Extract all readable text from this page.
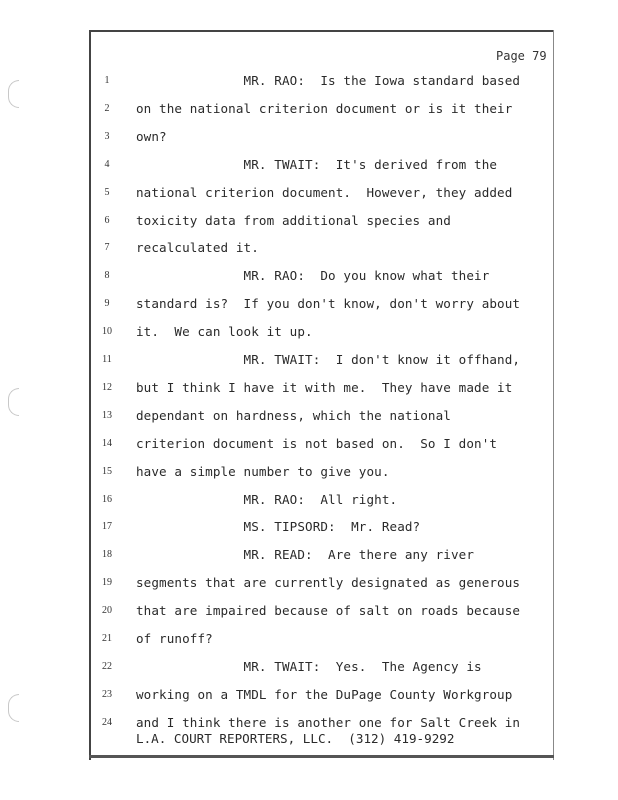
Page 79
1	MR. RAO:  Is the Iowa standard based
2	on the national criterion document or is it their
3	own?
4	MR. TWAIT:  It's derived from the
5	national criterion document.  However, they added
6	toxicity data from additional species and
7	recalculated it.
8	MR. RAO:  Do you know what their
9	standard is?  If you don't know, don't worry about
10	it.  We can look it up.
11	MR. TWAIT:  I don't know it offhand,
12	but I think I have it with me.  They have made it
13	dependant on hardness, which the national
14	criterion document is not based on.  So I don't
15	have a simple number to give you.
16	MR. RAO:  All right.
17	MS. TIPSORD:  Mr. Read?
18	MR. READ:  Are there any river
19	segments that are currently designated as generous
20	that are impaired because of salt on roads because
21	of runoff?
22	MR. TWAIT:  Yes.  The Agency is
23	working on a TMDL for the DuPage County Workgroup
24	and I think there is another one for Salt Creek in
L.A. COURT REPORTERS, LLC.  (312) 419-9292
